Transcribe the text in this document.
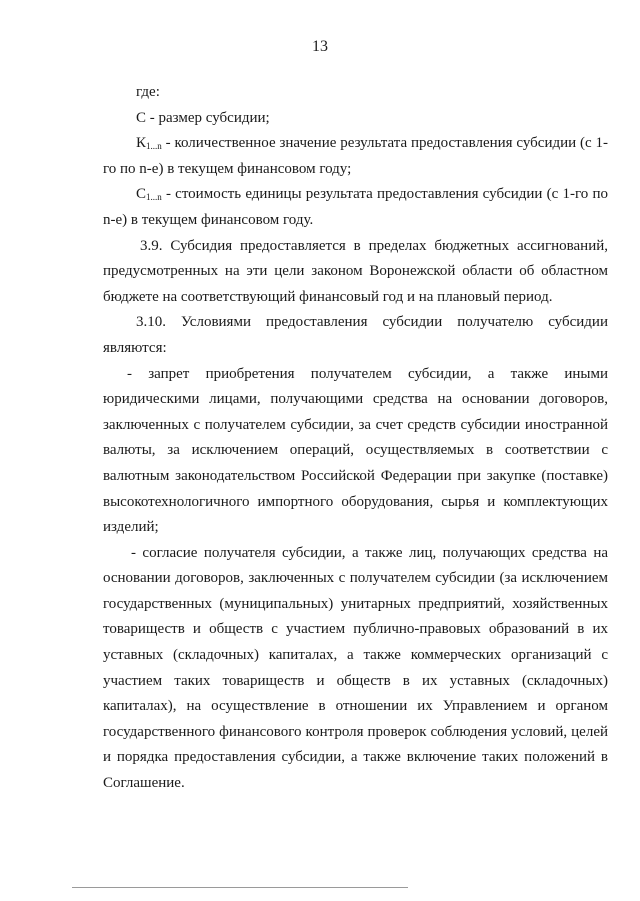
13

где:

С - размер субсидии;

$К_{1...n}$ - количественное значение результата предоставления субсидии (с 1-го по n-е) в текущем финансовом году;

$С_{1...n}$ - стоимость единицы результата предоставления субсидии (с 1-го по n-е) в текущем финансовом году.

3.9. Субсидия предоставляется в пределах бюджетных ассигнований, предусмотренных на эти цели законом Воронежской области об областном бюджете на соответствующий финансовый год и на плановый период.

3.10. Условиями предоставления субсидии получателю субсидии являются:

- запрет приобретения получателем субсидии, а также иными юридическими лицами, получающими средства на основании договоров, заключенных с получателем субсидии, за счет средств субсидии иностранной валюты, за исключением операций, осуществляемых в соответствии с валютным законодательством Российской Федерации при закупке (поставке) высокотехнологичного импортного оборудования, сырья и комплектующих изделий;

- согласие получателя субсидии, а также лиц, получающих средства на основании договоров, заключенных с получателем субсидии (за исключением государственных (муниципальных) унитарных предприятий, хозяйственных товариществ и обществ с участием публично-правовых образований в их уставных (складочных) капиталах, а также коммерческих организаций с участием таких товариществ и обществ в их уставных (складочных) капиталах), на осуществление в отношении их Управлением и органом государственного финансового контроля проверок соблюдения условий, целей и порядка предоставления субсидии, а также включение таких положений в Соглашение.
